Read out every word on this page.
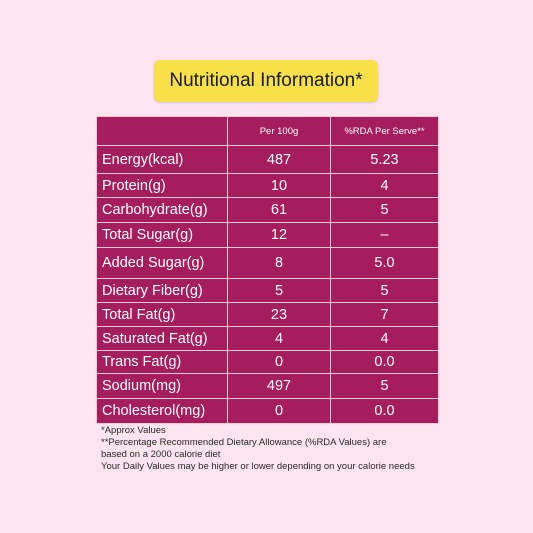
Nutritional Information*
	Per 100g	%RDA Per Serve**
Energy(kcal)	487	5.23
Protein(g)	10	4
Carbohydrate(g)	61	5
Total Sugar(g)	12	–
Added Sugar(g)	8	5.0
Dietary Fiber(g)	5	5
Total Fat(g)	23	7
Saturated Fat(g)	4	4
Trans Fat(g)	0	0.0
Sodium(mg)	497	5
Cholesterol(mg)	0	0.0
*Approx Values
**Percentage Recommended Dietary Allowance (%RDA Values) are
based on a 2000 calorie diet
Your Daily Values may be higher or lower depending on your calorie needs
